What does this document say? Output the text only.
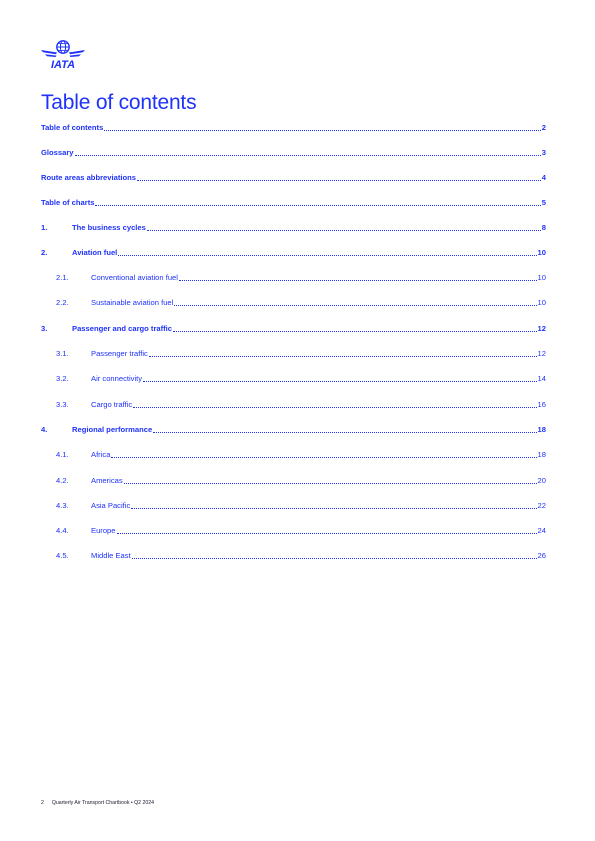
IATA
Table of contents
Table of contents	2
Glossary	3
Route areas abbreviations	4
Table of charts	5
1.	The business cycles	8
2.	Aviation fuel	10
2.1.	Conventional aviation fuel	10
2.2.	Sustainable aviation fuel	10
3.	Passenger and cargo traffic	12
3.1.	Passenger traffic	12
3.2.	Air connectivity	14
3.3.	Cargo traffic	16
4.	Regional performance	18
4.1.	Africa	18
4.2.	Americas	20
4.3.	Asia Pacific	22
4.4.	Europe	24
4.5.	Middle East	26
2 Quarterly Air Transport Chartbook • Q2 2024
